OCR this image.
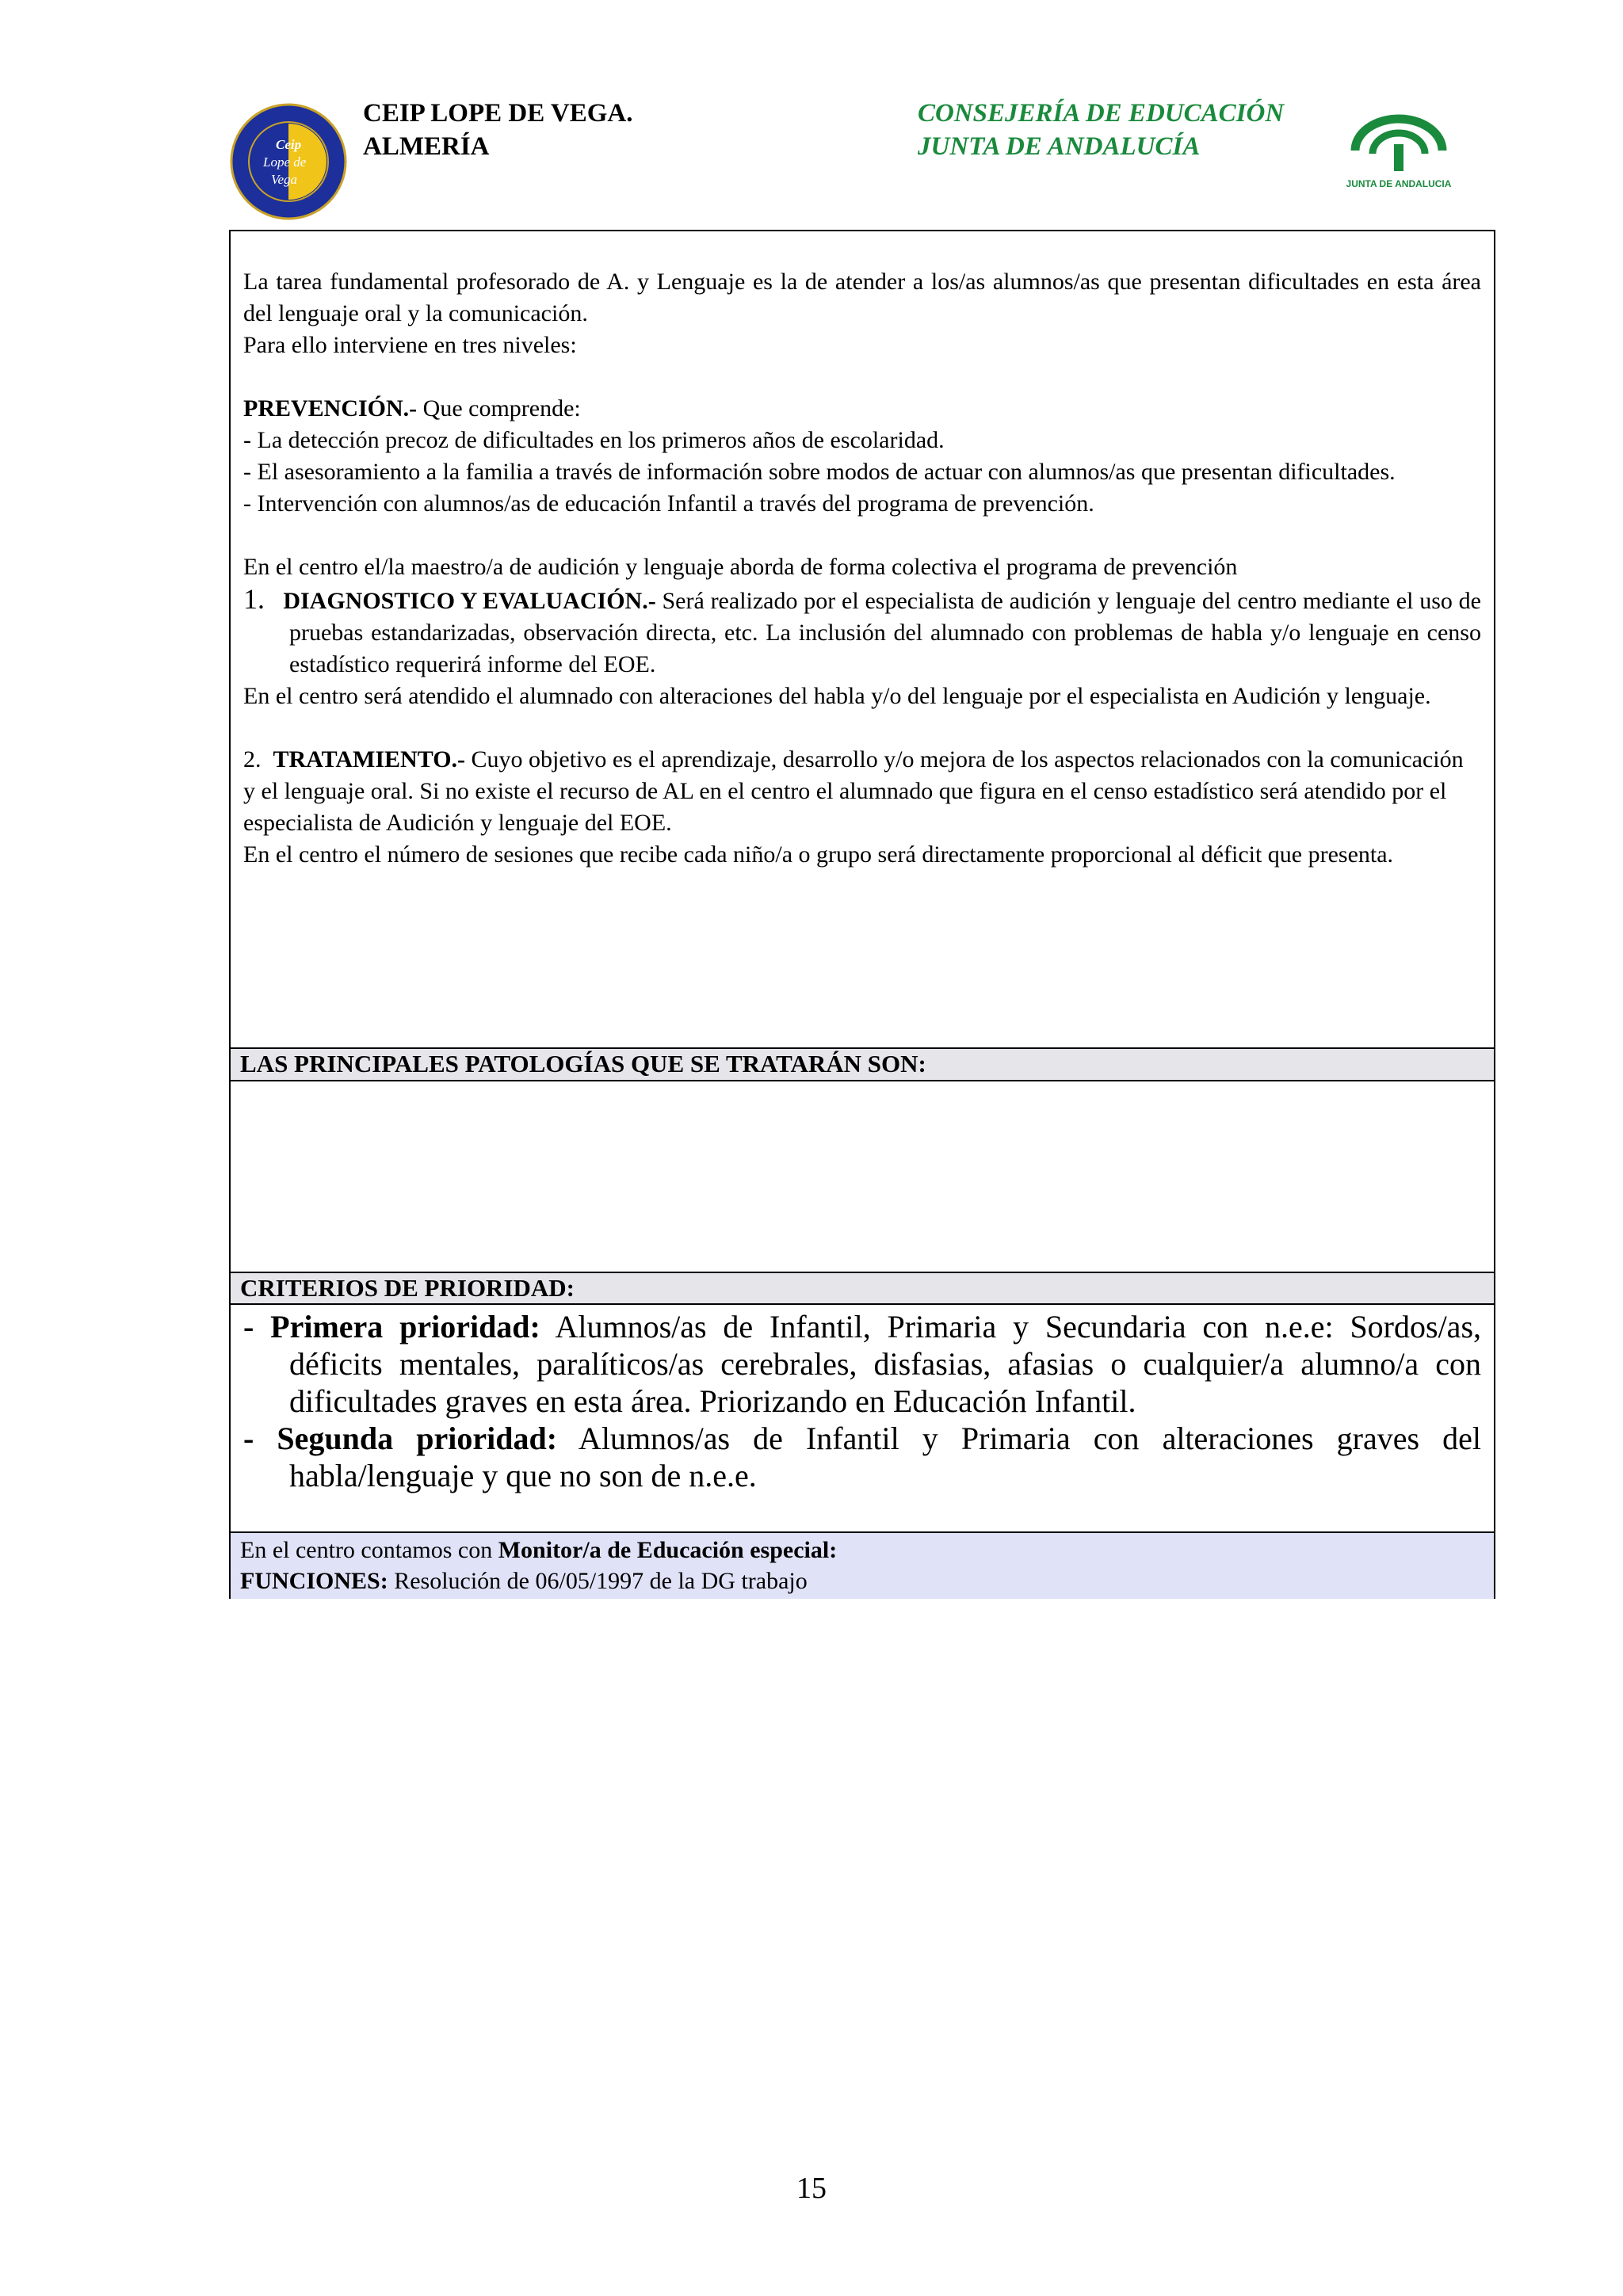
Ceip
Lope de
Vega
CEIP LOPE DE VEGA.
ALMERÍA
CONSEJERÍA DE EDUCACIÓN
JUNTA DE ANDALUCÍA
JUNTA DE ANDALUCIA

La tarea fundamental profesorado de A. y Lenguaje es la de atender a los/as alumnos/as que presentan dificultades en esta área del lenguaje oral y la comunicación.

Para ello interviene en tres niveles:

PREVENCIÓN.- Que comprende:

- La detección precoz de dificultades en los primeros años de escolaridad.

- El asesoramiento a la familia a través de información sobre modos de actuar con alumnos/as que presentan dificultades.

- Intervención con alumnos/as de educación Infantil a través del programa de prevención.

En el centro el/la maestro/a de audición y lenguaje aborda de forma colectiva el programa de prevención

1. DIAGNOSTICO Y EVALUACIÓN.- Será realizado por el especialista de audición y lenguaje del centro mediante el uso de pruebas estandarizadas, observación directa, etc. La inclusión del alumnado con problemas de habla y/o lenguaje en censo estadístico requerirá informe del EOE.

En el centro será atendido el alumnado con alteraciones del habla y/o del lenguaje por el especialista en Audición y lenguaje.

2. TRATAMIENTO.- Cuyo objetivo es el aprendizaje, desarrollo y/o mejora de los aspectos relacionados con la comunicación y el lenguaje oral. Si no existe el recurso de AL en el centro el alumnado que figura en el censo estadístico será atendido por el especialista de Audición y lenguaje del EOE.

En el centro el número de sesiones que recibe cada niño/a o grupo será directamente proporcional al déficit que presenta.

LAS PRINCIPALES PATOLOGÍAS QUE SE TRATARÁN SON:
CRITERIOS DE PRIORIDAD:

- Primera prioridad: Alumnos/as de Infantil, Primaria y Secundaria con n.e.e: Sordos/as, déficits mentales, paralíticos/as cerebrales, disfasias, afasias o cualquier/a alumno/a con dificultades graves en esta área. Priorizando en Educación Infantil.

- Segunda prioridad: Alumnos/as de Infantil y Primaria con alteraciones graves del habla/lenguaje y que no son de n.e.e.

En el centro contamos con Monitor/a de Educación especial:

FUNCIONES: Resolución de 06/05/1997 de la DG trabajo

15
